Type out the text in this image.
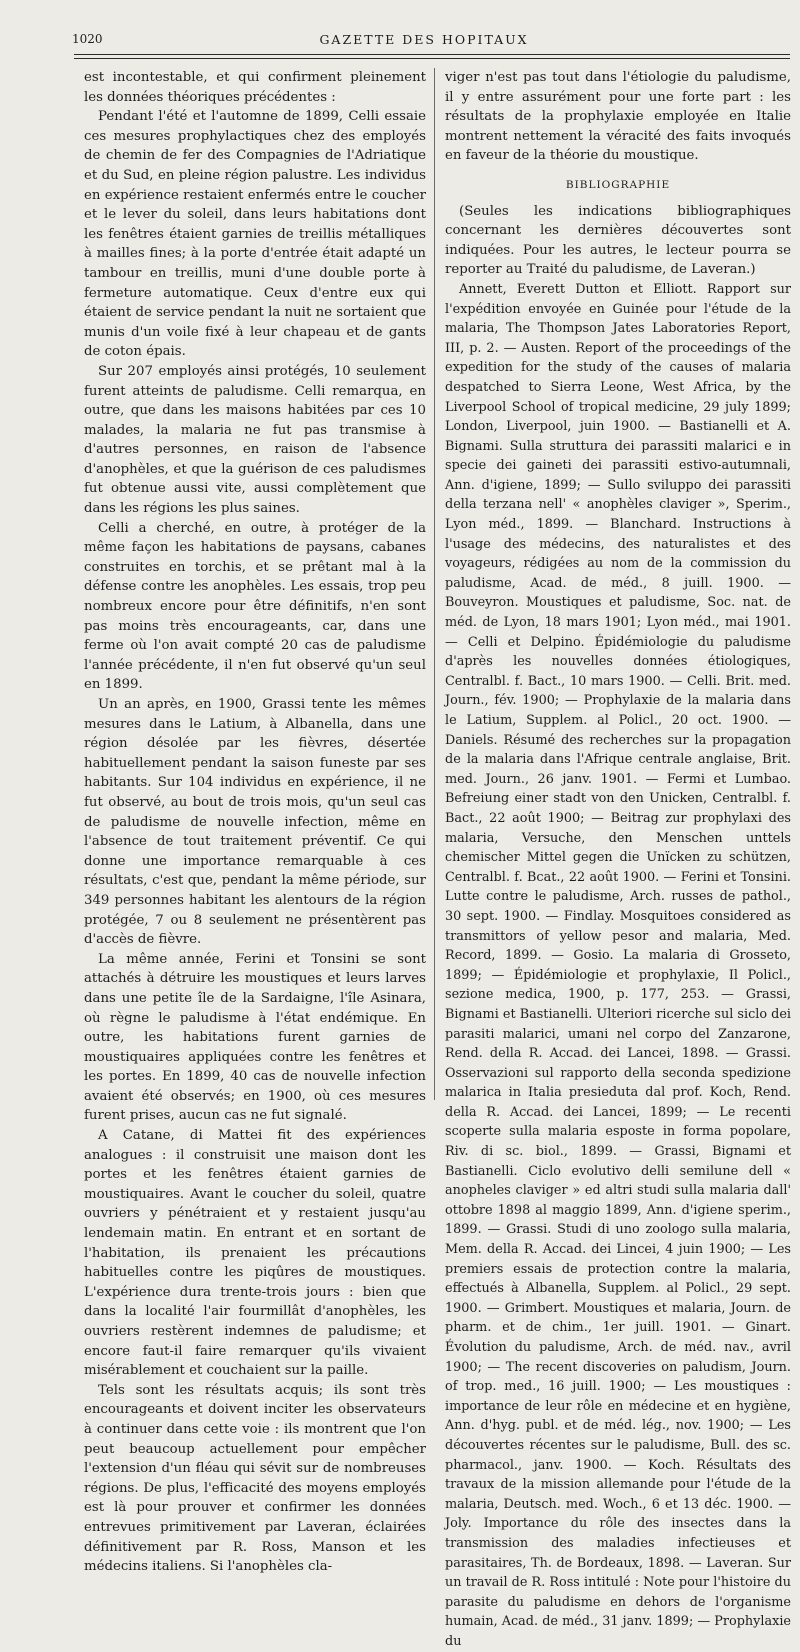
1020	GAZETTE DES HOPITAUX

est incontestable, et qui confirment pleinement les données théoriques précédentes :

Pendant l'été et l'automne de 1899, Celli essaie ces mesures prophylactiques chez des employés de chemin de fer des Compagnies de l'Adriatique et du Sud, en pleine région palustre. Les individus en expérience restaient enfermés entre le coucher et le lever du soleil, dans leurs habitations dont les fenêtres étaient garnies de treillis métalliques à mailles fines; à la porte d'entrée était adapté un tambour en treillis, muni d'une double porte à fermeture automatique. Ceux d'entre eux qui étaient de service pendant la nuit ne sortaient que munis d'un voile fixé à leur chapeau et de gants de coton épais.

Sur 207 employés ainsi protégés, 10 seulement furent atteints de paludisme. Celli remarqua, en outre, que dans les maisons habitées par ces 10 malades, la malaria ne fut pas transmise à d'autres personnes, en raison de l'absence d'anophèles, et que la guérison de ces paludismes fut obtenue aussi vite, aussi complètement que dans les régions les plus saines.

Celli a cherché, en outre, à protéger de la même façon les habitations de paysans, cabanes construites en torchis, et se prêtant mal à la défense contre les anophèles. Les essais, trop peu nombreux encore pour être définitifs, n'en sont pas moins très encourageants, car, dans une ferme où l'on avait compté 20 cas de paludisme l'année précédente, il n'en fut observé qu'un seul en 1899.

Un an après, en 1900, Grassi tente les mêmes mesures dans le Latium, à Albanella, dans une région désolée par les fièvres, désertée habituellement pendant la saison funeste par ses habitants. Sur 104 individus en expérience, il ne fut observé, au bout de trois mois, qu'un seul cas de paludisme de nouvelle infection, même en l'absence de tout traitement préventif. Ce qui donne une importance remarquable à ces résultats, c'est que, pendant la même période, sur 349 personnes habitant les alentours de la région protégée, 7 ou 8 seulement ne présentèrent pas d'accès de fièvre.

La même année, Ferini et Tonsini se sont attachés à détruire les moustiques et leurs larves dans une petite île de la Sardaigne, l'île Asinara, où règne le paludisme à l'état endémique. En outre, les habitations furent garnies de moustiquaires appliquées contre les fenêtres et les portes. En 1899, 40 cas de nouvelle infection avaient été observés; en 1900, où ces mesures furent prises, aucun cas ne fut signalé.

A Catane, di Mattei fit des expériences analogues : il construisit une maison dont les portes et les fenêtres étaient garnies de moustiquaires. Avant le coucher du soleil, quatre ouvriers y pénétraient et y restaient jusqu'au lendemain matin. En entrant et en sortant de l'habitation, ils prenaient les précautions habituelles contre les piqûres de moustiques. L'expérience dura trente-trois jours : bien que dans la localité l'air fourmillât d'anophèles, les ouvriers restèrent indemnes de paludisme; et encore faut-il faire remarquer qu'ils vivaient misérablement et couchaient sur la paille.

Tels sont les résultats acquis; ils sont très encourageants et doivent inciter les observateurs à continuer dans cette voie : ils montrent que l'on peut beaucoup actuellement pour empêcher l'extension d'un fléau qui sévit sur de nombreuses régions. De plus, l'efficacité des moyens employés est là pour prouver et confirmer les données entrevues primitivement par Laveran, éclairées définitivement par R. Ross, Manson et les médecins italiens. Si l'anophèles cla-

viger n'est pas tout dans l'étiologie du paludisme, il y entre assurément pour une forte part : les résultats de la prophylaxie employée en Italie montrent nettement la véracité des faits invoqués en faveur de la théorie du moustique.

BIBLIOGRAPHIE

(Seules les indications bibliographiques concernant les dernières découvertes sont indiquées. Pour les autres, le lecteur pourra se reporter au Traité du paludisme, de Laveran.)

Annett, Everett Dutton et Elliott. Rapport sur l'expédition envoyée en Guinée pour l'étude de la malaria, The Thompson Jates Laboratories Report, III, p. 2. — Austen. Report of the proceedings of the expedition for the study of the causes of malaria despatched to Sierra Leone, West Africa, by the Liverpool School of tropical medicine, 29 july 1899; London, Liverpool, juin 1900. — Bastianelli et A. Bignami. Sulla struttura dei parassiti malarici e in specie dei gaineti dei parassiti estivo-autumnali, Ann. d'igiene, 1899; — Sullo sviluppo dei parassiti della terzana nell' « anophèles claviger », Sperim., Lyon méd., 1899. — Blanchard. Instructions à l'usage des médecins, des naturalistes et des voyageurs, rédigées au nom de la commission du paludisme, Acad. de méd., 8 juill. 1900. — Bouveyron. Moustiques et paludisme, Soc. nat. de méd. de Lyon, 18 mars 1901; Lyon méd., mai 1901. — Celli et Delpino. Épidémiologie du paludisme d'après les nouvelles données étiologiques, Centralbl. f. Bact., 10 mars 1900. — Celli. Brit. med. Journ., fév. 1900; — Prophylaxie de la malaria dans le Latium, Supplem. al Policl., 20 oct. 1900. — Daniels. Résumé des recherches sur la propagation de la malaria dans l'Afrique centrale anglaise, Brit. med. Journ., 26 janv. 1901. — Fermi et Lumbao. Befreiung einer stadt von den Unicken, Centralbl. f. Bact., 22 août 1900; — Beitrag zur prophylaxi des malaria, Versuche, den Menschen unttels chemischer Mittel gegen die Unïcken zu schützen, Centralbl. f. Bcat., 22 août 1900. — Ferini et Tonsini. Lutte contre le paludisme, Arch. russes de pathol., 30 sept. 1900. — Findlay. Mosquitoes considered as transmittors of yellow pesor and malaria, Med. Record, 1899. — Gosio. La malaria di Grosseto, 1899; — Épidémiologie et prophylaxie, Il Policl., sezione medica, 1900, p. 177, 253. — Grassi, Bignami et Bastianelli. Ulteriori ricerche sul siclo dei parasiti malarici, umani nel corpo del Zanzarone, Rend. della R. Accad. dei Lancei, 1898. — Grassi. Osservazioni sul rapporto della seconda spedizione malarica in Italia presieduta dal prof. Koch, Rend. della R. Accad. dei Lancei, 1899; — Le recenti scoperte sulla malaria esposte in forma popolare, Riv. di sc. biol., 1899. — Grassi, Bignami et Bastianelli. Ciclo evolutivo delli semilune dell « anopheles claviger » ed altri studi sulla malaria dall' ottobre 1898 al maggio 1899, Ann. d'igiene sperim., 1899. — Grassi. Studi di uno zoologo sulla malaria, Mem. della R. Accad. dei Lincei, 4 juin 1900; — Les premiers essais de protection contre la malaria, effectués à Albanella, Supplem. al Policl., 29 sept. 1900. — Grimbert. Moustiques et malaria, Journ. de pharm. et de chim., 1er juill. 1901. — Ginart. Évolution du paludisme, Arch. de méd. nav., avril 1900; — The recent discoveries on paludism, Journ. of trop. med., 16 juill. 1900; — Les moustiques : importance de leur rôle en médecine et en hygiène, Ann. d'hyg. publ. et de méd. lég., nov. 1900; — Les découvertes récentes sur le paludisme, Bull. des sc. pharmacol., janv. 1900. — Koch. Résultats des travaux de la mission allemande pour l'étude de la malaria, Deutsch. med. Woch., 6 et 13 déc. 1900. — Joly. Importance du rôle des insectes dans la transmission des maladies infectieuses et parasitaires, Th. de Bordeaux, 1898. — Laveran. Sur un travail de R. Ross intitulé : Note pour l'histoire du parasite du paludisme en dehors de l'organisme humain, Acad. de méd., 31 janv. 1899; — Prophylaxie du
